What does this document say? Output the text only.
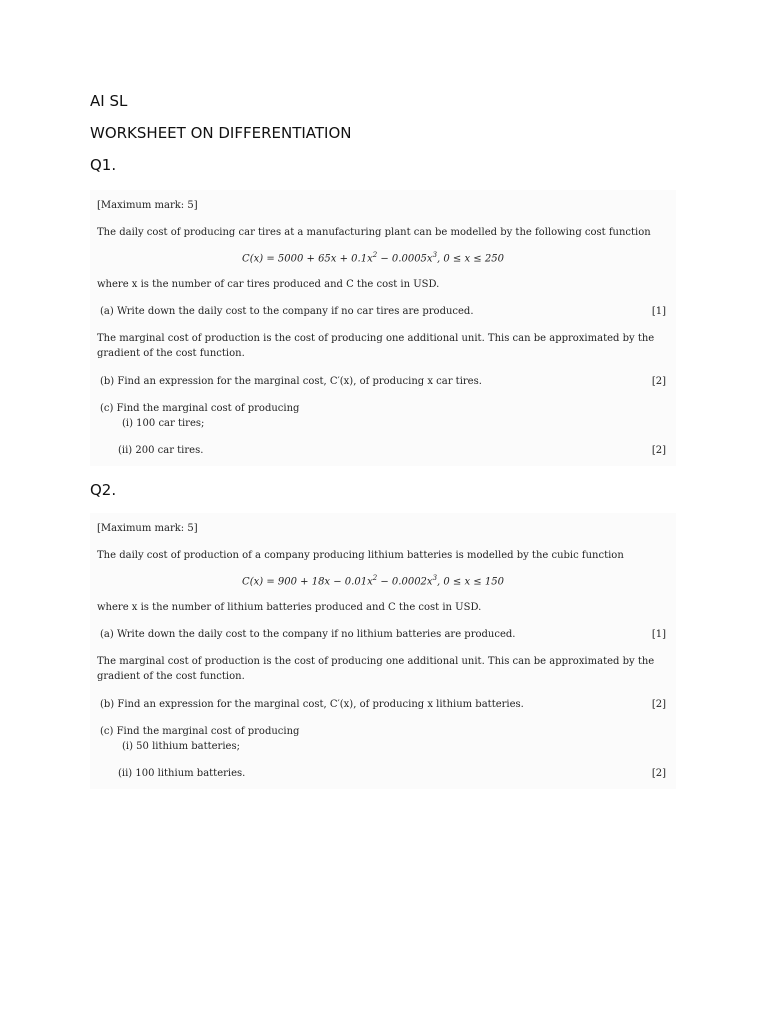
AI SL
WORKSHEET ON DIFFERENTIATION
Q1.
[Maximum mark: 5]
The daily cost of producing car tires at a manufacturing plant can be modelled by the following cost function
$C(x) = 5000 + 65x + 0.1x^2 - 0.0005x^3$, 0 ≤ x ≤ 250
where x is the number of car tires produced and C the cost in USD.
(a) Write down the daily cost to the company if no car tires are produced.	[1]
The marginal cost of production is the cost of producing one additional unit. This can be approximated by the gradient of the cost function.
(b) Find an expression for the marginal cost, C′(x), of producing x car tires.	[2]
(c) Find the marginal cost of producing
(i) 100 car tires;
(ii) 200 car tires.	[2]
Q2.
[Maximum mark: 5]
The daily cost of production of a company producing lithium batteries is modelled by the cubic function
$C(x) = 900 + 18x - 0.01x^2 - 0.0002x^3$, 0 ≤ x ≤ 150
where x is the number of lithium batteries produced and C the cost in USD.
(a) Write down the daily cost to the company if no lithium batteries are produced.	[1]
The marginal cost of production is the cost of producing one additional unit. This can be approximated by the gradient of the cost function.
(b) Find an expression for the marginal cost, C′(x), of producing x lithium batteries.	[2]
(c) Find the marginal cost of producing
(i) 50 lithium batteries;
(ii) 100 lithium batteries.	[2]
